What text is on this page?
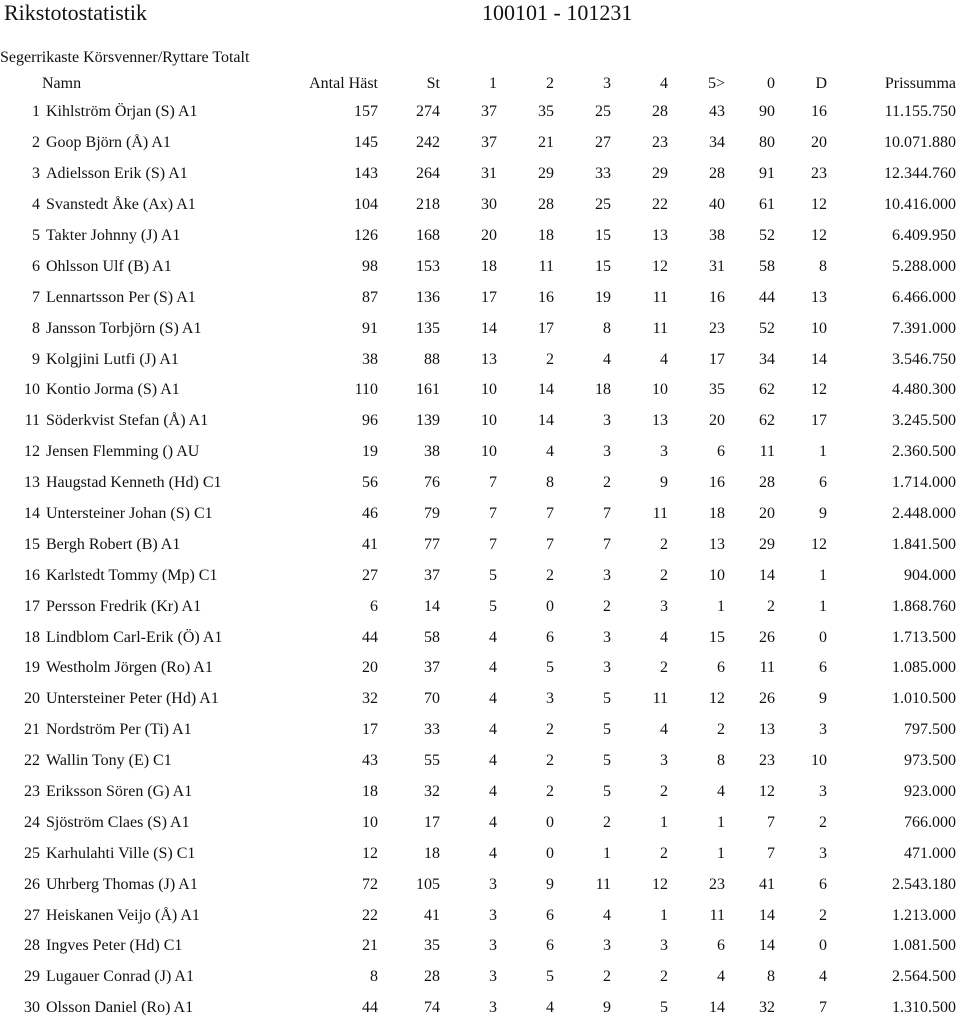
Rikstotostatistik	100101 - 101231
Segerrikaste Körsvenner/Ryttare Totalt
	Namn	Antal Häst	St	1	2	3	4	5>	0	D	Prissumma
1	Kihlström Örjan (S) A1	157	274	37	35	25	28	43	90	16	11.155.750
2	Goop Björn (Å) A1	145	242	37	21	27	23	34	80	20	10.071.880
3	Adielsson Erik (S) A1	143	264	31	29	33	29	28	91	23	12.344.760
4	Svanstedt Åke (Ax) A1	104	218	30	28	25	22	40	61	12	10.416.000
5	Takter Johnny (J) A1	126	168	20	18	15	13	38	52	12	6.409.950
6	Ohlsson Ulf (B) A1	98	153	18	11	15	12	31	58	8	5.288.000
7	Lennartsson Per (S) A1	87	136	17	16	19	11	16	44	13	6.466.000
8	Jansson Torbjörn (S) A1	91	135	14	17	8	11	23	52	10	7.391.000
9	Kolgjini Lutfi (J) A1	38	88	13	2	4	4	17	34	14	3.546.750
10	Kontio Jorma (S) A1	110	161	10	14	18	10	35	62	12	4.480.300
11	Söderkvist Stefan (Å) A1	96	139	10	14	3	13	20	62	17	3.245.500
12	Jensen Flemming () AU	19	38	10	4	3	3	6	11	1	2.360.500
13	Haugstad Kenneth (Hd) C1	56	76	7	8	2	9	16	28	6	1.714.000
14	Untersteiner Johan (S) C1	46	79	7	7	7	11	18	20	9	2.448.000
15	Bergh Robert (B) A1	41	77	7	7	7	2	13	29	12	1.841.500
16	Karlstedt Tommy (Mp) C1	27	37	5	2	3	2	10	14	1	904.000
17	Persson Fredrik (Kr) A1	6	14	5	0	2	3	1	2	1	1.868.760
18	Lindblom Carl-Erik (Ö) A1	44	58	4	6	3	4	15	26	0	1.713.500
19	Westholm Jörgen (Ro) A1	20	37	4	5	3	2	6	11	6	1.085.000
20	Untersteiner Peter (Hd) A1	32	70	4	3	5	11	12	26	9	1.010.500
21	Nordström Per (Ti) A1	17	33	4	2	5	4	2	13	3	797.500
22	Wallin Tony (E) C1	43	55	4	2	5	3	8	23	10	973.500
23	Eriksson Sören (G) A1	18	32	4	2	5	2	4	12	3	923.000
24	Sjöström Claes (S) A1	10	17	4	0	2	1	1	7	2	766.000
25	Karhulahti Ville (S) C1	12	18	4	0	1	2	1	7	3	471.000
26	Uhrberg Thomas (J) A1	72	105	3	9	11	12	23	41	6	2.543.180
27	Heiskanen Veijo (Å) A1	22	41	3	6	4	1	11	14	2	1.213.000
28	Ingves Peter (Hd) C1	21	35	3	6	3	3	6	14	0	1.081.500
29	Lugauer Conrad (J) A1	8	28	3	5	2	2	4	8	4	2.564.500
30	Olsson Daniel (Ro) A1	44	74	3	4	9	5	14	32	7	1.310.500
